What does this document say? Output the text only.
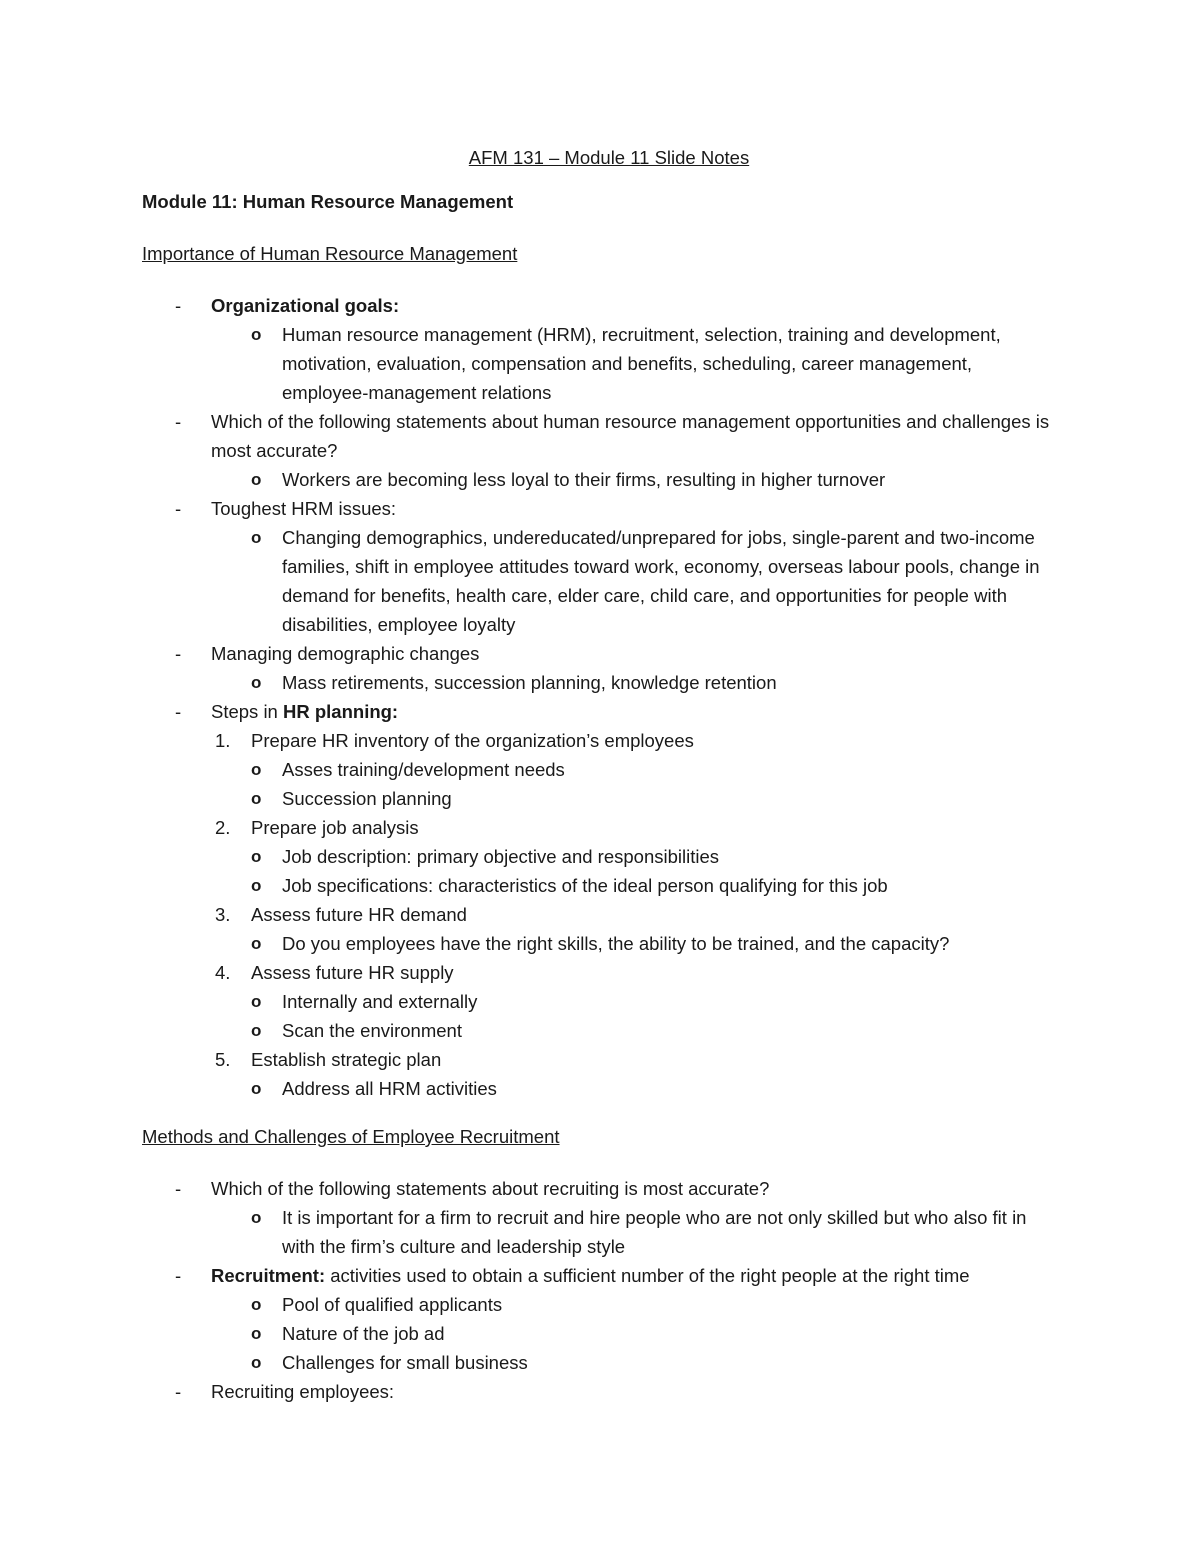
AFM 131 – Module 11 Slide Notes
Module 11: Human Resource Management
Importance of Human Resource Management
- Organizational goals:
o Human resource management (HRM), recruitment, selection, training and development, motivation, evaluation, compensation and benefits, scheduling, career management, employee-management relations
- Which of the following statements about human resource management opportunities and challenges is most accurate?
o Workers are becoming less loyal to their firms, resulting in higher turnover
- Toughest HRM issues:
o Changing demographics, undereducated/unprepared for jobs, single-parent and two-income families, shift in employee attitudes toward work, economy, overseas labour pools, change in demand for benefits, health care, elder care, child care, and opportunities for people with disabilities, employee loyalty
- Managing demographic changes
o Mass retirements, succession planning, knowledge retention
- Steps in HR planning:
1. Prepare HR inventory of the organization’s employees
o Asses training/development needs
o Succession planning
2. Prepare job analysis
o Job description: primary objective and responsibilities
o Job specifications: characteristics of the ideal person qualifying for this job
3. Assess future HR demand
o Do you employees have the right skills, the ability to be trained, and the capacity?
4. Assess future HR supply
o Internally and externally
o Scan the environment
5. Establish strategic plan
o Address all HRM activities
Methods and Challenges of Employee Recruitment
- Which of the following statements about recruiting is most accurate?
o It is important for a firm to recruit and hire people who are not only skilled but who also fit in with the firm’s culture and leadership style
- Recruitment: activities used to obtain a sufficient number of the right people at the right time
o Pool of qualified applicants
o Nature of the job ad
o Challenges for small business
- Recruiting employees:
